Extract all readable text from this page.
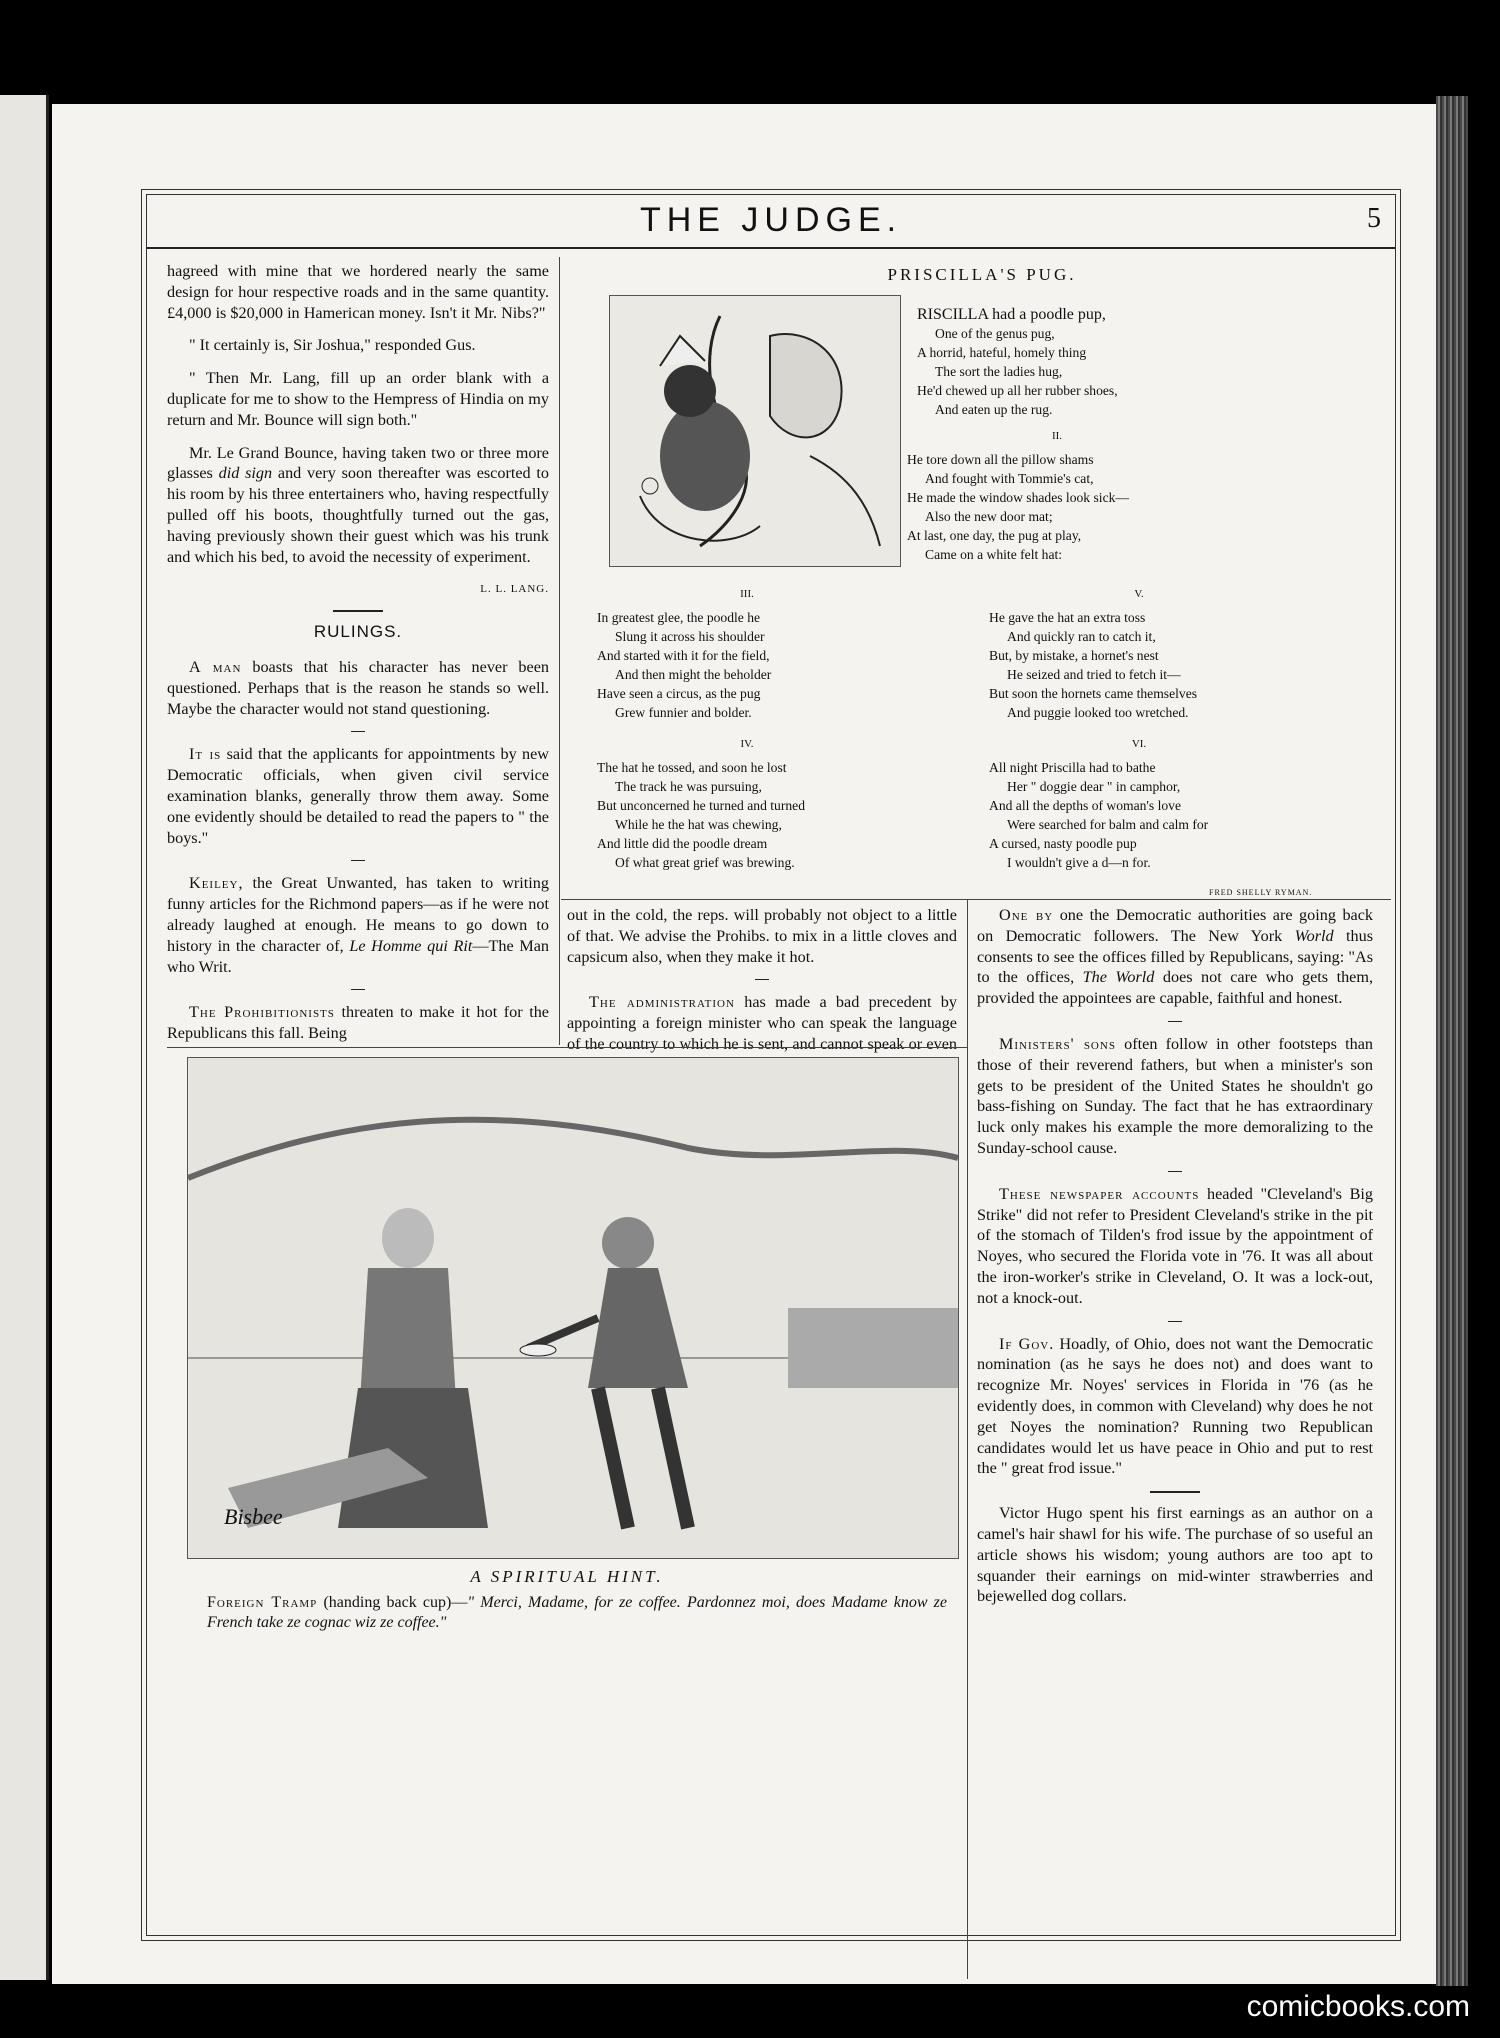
THE JUDGE.	5

hagreed with mine that we hordered nearly the same design for hour respective roads and in the same quantity. £4,000 is $20,000 in Hamerican money. Isn't it Mr. Nibs?"

" It certainly is, Sir Joshua," responded Gus.

" Then Mr. Lang, fill up an order blank with a duplicate for me to show to the Hempress of Hindia on my return and Mr. Bounce will sign both."

Mr. Le Grand Bounce, having taken two or three more glasses did sign and very soon thereafter was escorted to his room by his three entertainers who, having respectfully pulled off his boots, thoughtfully turned out the gas, having previously shown their guest which was his trunk and which his bed, to avoid the necessity of experiment.

L. L. LANG.
RULINGS.

A man boasts that his character has never been questioned. Perhaps that is the reason he stands so well. Maybe the character would not stand questioning.

It is said that the applicants for appointments by new Democratic officials, when given civil service examination blanks, generally throw them away. Some one evidently should be detailed to read the papers to " the boys."

Keiley, the Great Unwanted, has taken to writing funny articles for the Richmond papers—as if he were not already laughed at enough. He means to go down to history in the character of, Le Homme qui Rit—The Man who Writ.

The Prohibitionists threaten to make it hot for the Republicans this fall. Being

PRISCILLA'S PUG.
RISCILLA had a poodle pup,
One of the genus pug,
A horrid, hateful, homely thing
The sort the ladies hug,
He'd chewed up all her rubber shoes,
And eaten up the rug.
II.
He tore down all the pillow shams
And fought with Tommie's cat,
He made the window shades look sick—
Also the new door mat;
At last, one day, the pug at play,
Came on a white felt hat:
III.
In greatest glee, the poodle he
Slung it across his shoulder
And started with it for the field,
And then might the beholder
Have seen a circus, as the pug
Grew funnier and bolder.
IV.
The hat he tossed, and soon he lost
The track he was pursuing,
But unconcerned he turned and turned
While he the hat was chewing,
And little did the poodle dream
Of what great grief was brewing.
V.
He gave the hat an extra toss
And quickly ran to catch it,
But, by mistake, a hornet's nest
He seized and tried to fetch it—
But soon the hornets came themselves
And puggie looked too wretched.
VI.
All night Priscilla had to bathe
Her " doggie dear " in camphor,
And all the depths of woman's love
Were searched for balm and calm for
A cursed, nasty poodle pup
I wouldn't give a d—n for.
FRED SHELLY RYMAN.

out in the cold, the reps. will probably not object to a little of that. We advise the Prohibs. to mix in a little cloves and capsicum also, when they make it hot.

The administration has made a bad precedent by appointing a foreign minister who can speak the language of the country to which he is sent, and cannot speak or even

One by one the Democratic authorities are going back on Democratic followers. The New York World thus consents to see the offices filled by Republicans, saying: "As to the offices, The World does not care who gets them, provided the appointees are capable, faithful and honest.

Ministers' sons often follow in other footsteps than those of their reverend fathers, but when a minister's son gets to be president of the United States he shouldn't go bass-fishing on Sunday. The fact that he has extraordinary luck only makes his example the more demoralizing to the Sunday-school cause.

These newspaper accounts headed "Cleveland's Big Strike" did not refer to President Cleveland's strike in the pit of the stomach of Tilden's frod issue by the appointment of Noyes, who secured the Florida vote in '76. It was all about the iron-worker's strike in Cleveland, O. It was a lock-out, not a knock-out.

If Gov. Hoadly, of Ohio, does not want the Democratic nomination (as he says he does not) and does want to recognize Mr. Noyes' services in Florida in '76 (as he evidently does, in common with Cleveland) why does he not get Noyes the nomination? Running two Republican candidates would let us have peace in Ohio and put to rest the " great frod issue."

Victor Hugo spent his first earnings as an author on a camel's hair shawl for his wife. The purchase of so useful an article shows his wisdom; young authors are too apt to squander their earnings on mid-winter strawberries and bejewelled dog collars.

Bisbee
A SPIRITUAL HINT.
Foreign Tramp (handing back cup)—" Merci, Madame, for ze coffee. Pardonnez moi, does Madame know ze French take ze cognac wiz ze coffee."
comicbooks.com
